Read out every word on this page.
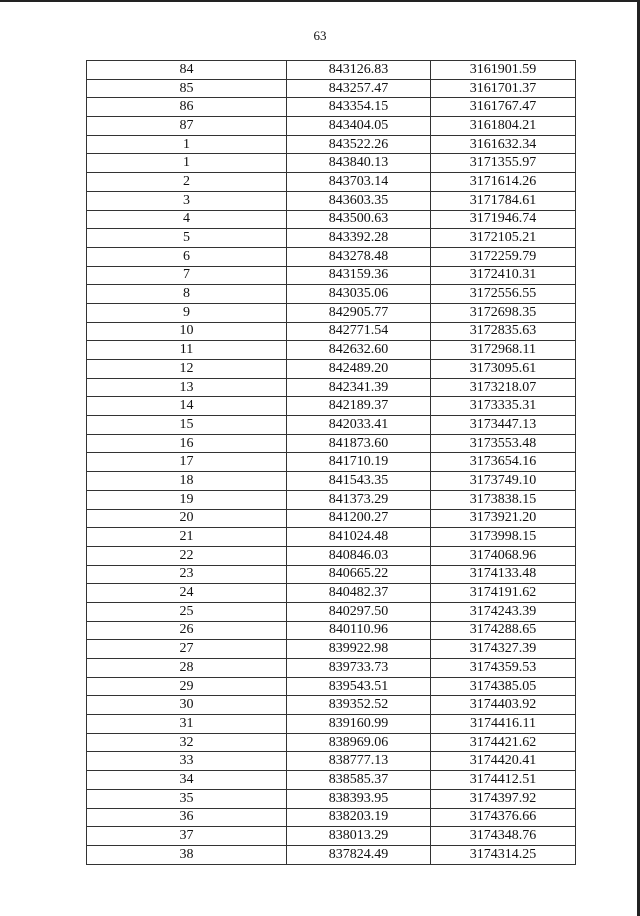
63
84	843126.83	3161901.59
85	843257.47	3161701.37
86	843354.15	3161767.47
87	843404.05	3161804.21
1	843522.26	3161632.34
1	843840.13	3171355.97
2	843703.14	3171614.26
3	843603.35	3171784.61
4	843500.63	3171946.74
5	843392.28	3172105.21
6	843278.48	3172259.79
7	843159.36	3172410.31
8	843035.06	3172556.55
9	842905.77	3172698.35
10	842771.54	3172835.63
11	842632.60	3172968.11
12	842489.20	3173095.61
13	842341.39	3173218.07
14	842189.37	3173335.31
15	842033.41	3173447.13
16	841873.60	3173553.48
17	841710.19	3173654.16
18	841543.35	3173749.10
19	841373.29	3173838.15
20	841200.27	3173921.20
21	841024.48	3173998.15
22	840846.03	3174068.96
23	840665.22	3174133.48
24	840482.37	3174191.62
25	840297.50	3174243.39
26	840110.96	3174288.65
27	839922.98	3174327.39
28	839733.73	3174359.53
29	839543.51	3174385.05
30	839352.52	3174403.92
31	839160.99	3174416.11
32	838969.06	3174421.62
33	838777.13	3174420.41
34	838585.37	3174412.51
35	838393.95	3174397.92
36	838203.19	3174376.66
37	838013.29	3174348.76
38	837824.49	3174314.25
